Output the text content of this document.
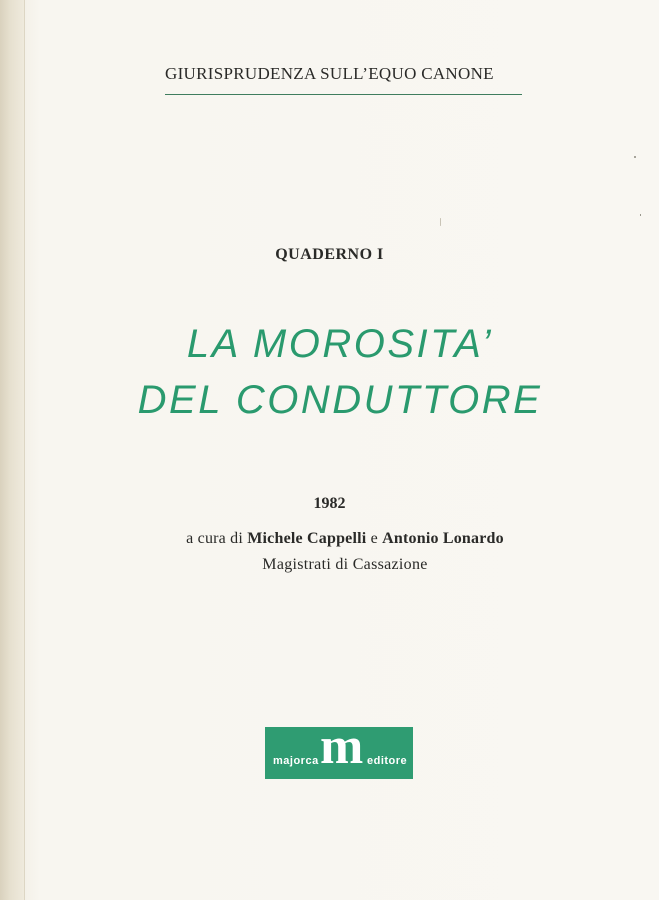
GIURISPRUDENZA SULL’EQUO CANONE
QUADERNO I
LA MOROSITA’
DEL CONDUTTORE
1982
a cura di Michele Cappelli e Antonio Lonardo
Magistrati di Cassazione
majorca m editore
